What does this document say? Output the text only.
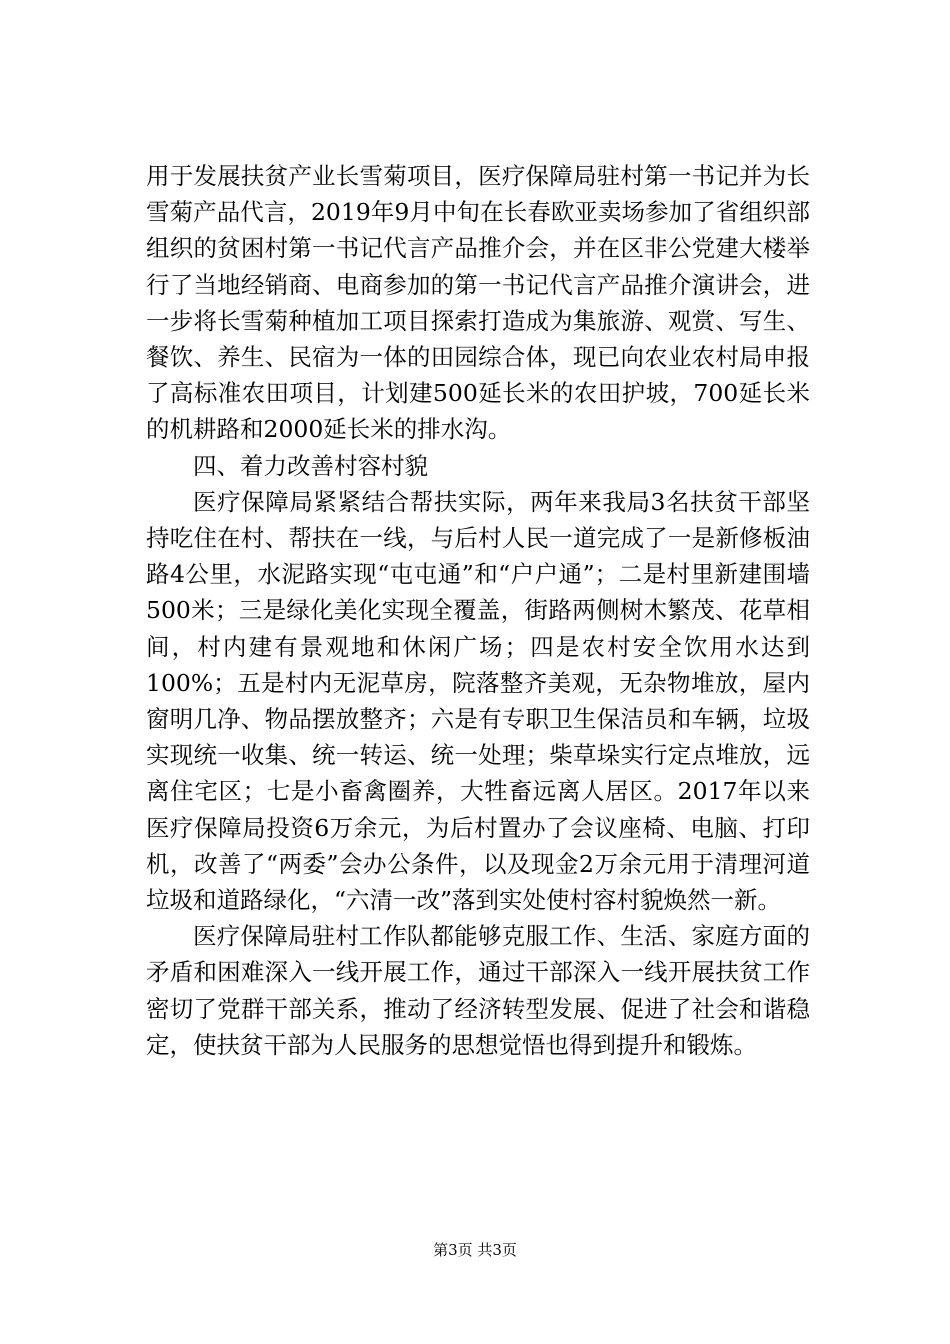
用于发展扶贫产业长雪菊项目，医疗保障局驻村第一书记并为长雪菊产品代言，2019年9月中旬在长春欧亚卖场参加了省组织部组织的贫困村第一书记代言产品推介会，并在区非公党建大楼举行了当地经销商、电商参加的第一书记代言产品推介演讲会，进一步将长雪菊种植加工项目探索打造成为集旅游、观赏、写生、餐饮、养生、民宿为一体的田园综合体，现已向农业农村局申报了高标准农田项目，计划建500延长米的农田护坡，700延长米的机耕路和2000延长米的排水沟。

四、着力改善村容村貌

医疗保障局紧紧结合帮扶实际，两年来我局3名扶贫干部坚持吃住在村、帮扶在一线，与后村人民一道完成了一是新修板油路4公里，水泥路实现“屯屯通”和“户户通”；二是村里新建围墙500米；三是绿化美化实现全覆盖，街路两侧树木繁茂、花草相间，村内建有景观地和休闲广场；四是农村安全饮用水达到100%；五是村内无泥草房，院落整齐美观，无杂物堆放，屋内窗明几净、物品摆放整齐；六是有专职卫生保洁员和车辆，垃圾实现统一收集、统一转运、统一处理；柴草垛实行定点堆放，远离住宅区；七是小畜禽圈养，大牲畜远离人居区。2017年以来医疗保障局投资6万余元，为后村置办了会议座椅、电脑、打印机，改善了“两委”会办公条件，以及现金2万余元用于清理河道垃圾和道路绿化，“六清一改”落到实处使村容村貌焕然一新。

医疗保障局驻村工作队都能够克服工作、生活、家庭方面的矛盾和困难深入一线开展工作，通过干部深入一线开展扶贫工作密切了党群干部关系，推动了经济转型发展、促进了社会和谐稳定，使扶贫干部为人民服务的思想觉悟也得到提升和锻炼。

第3页 共3页
